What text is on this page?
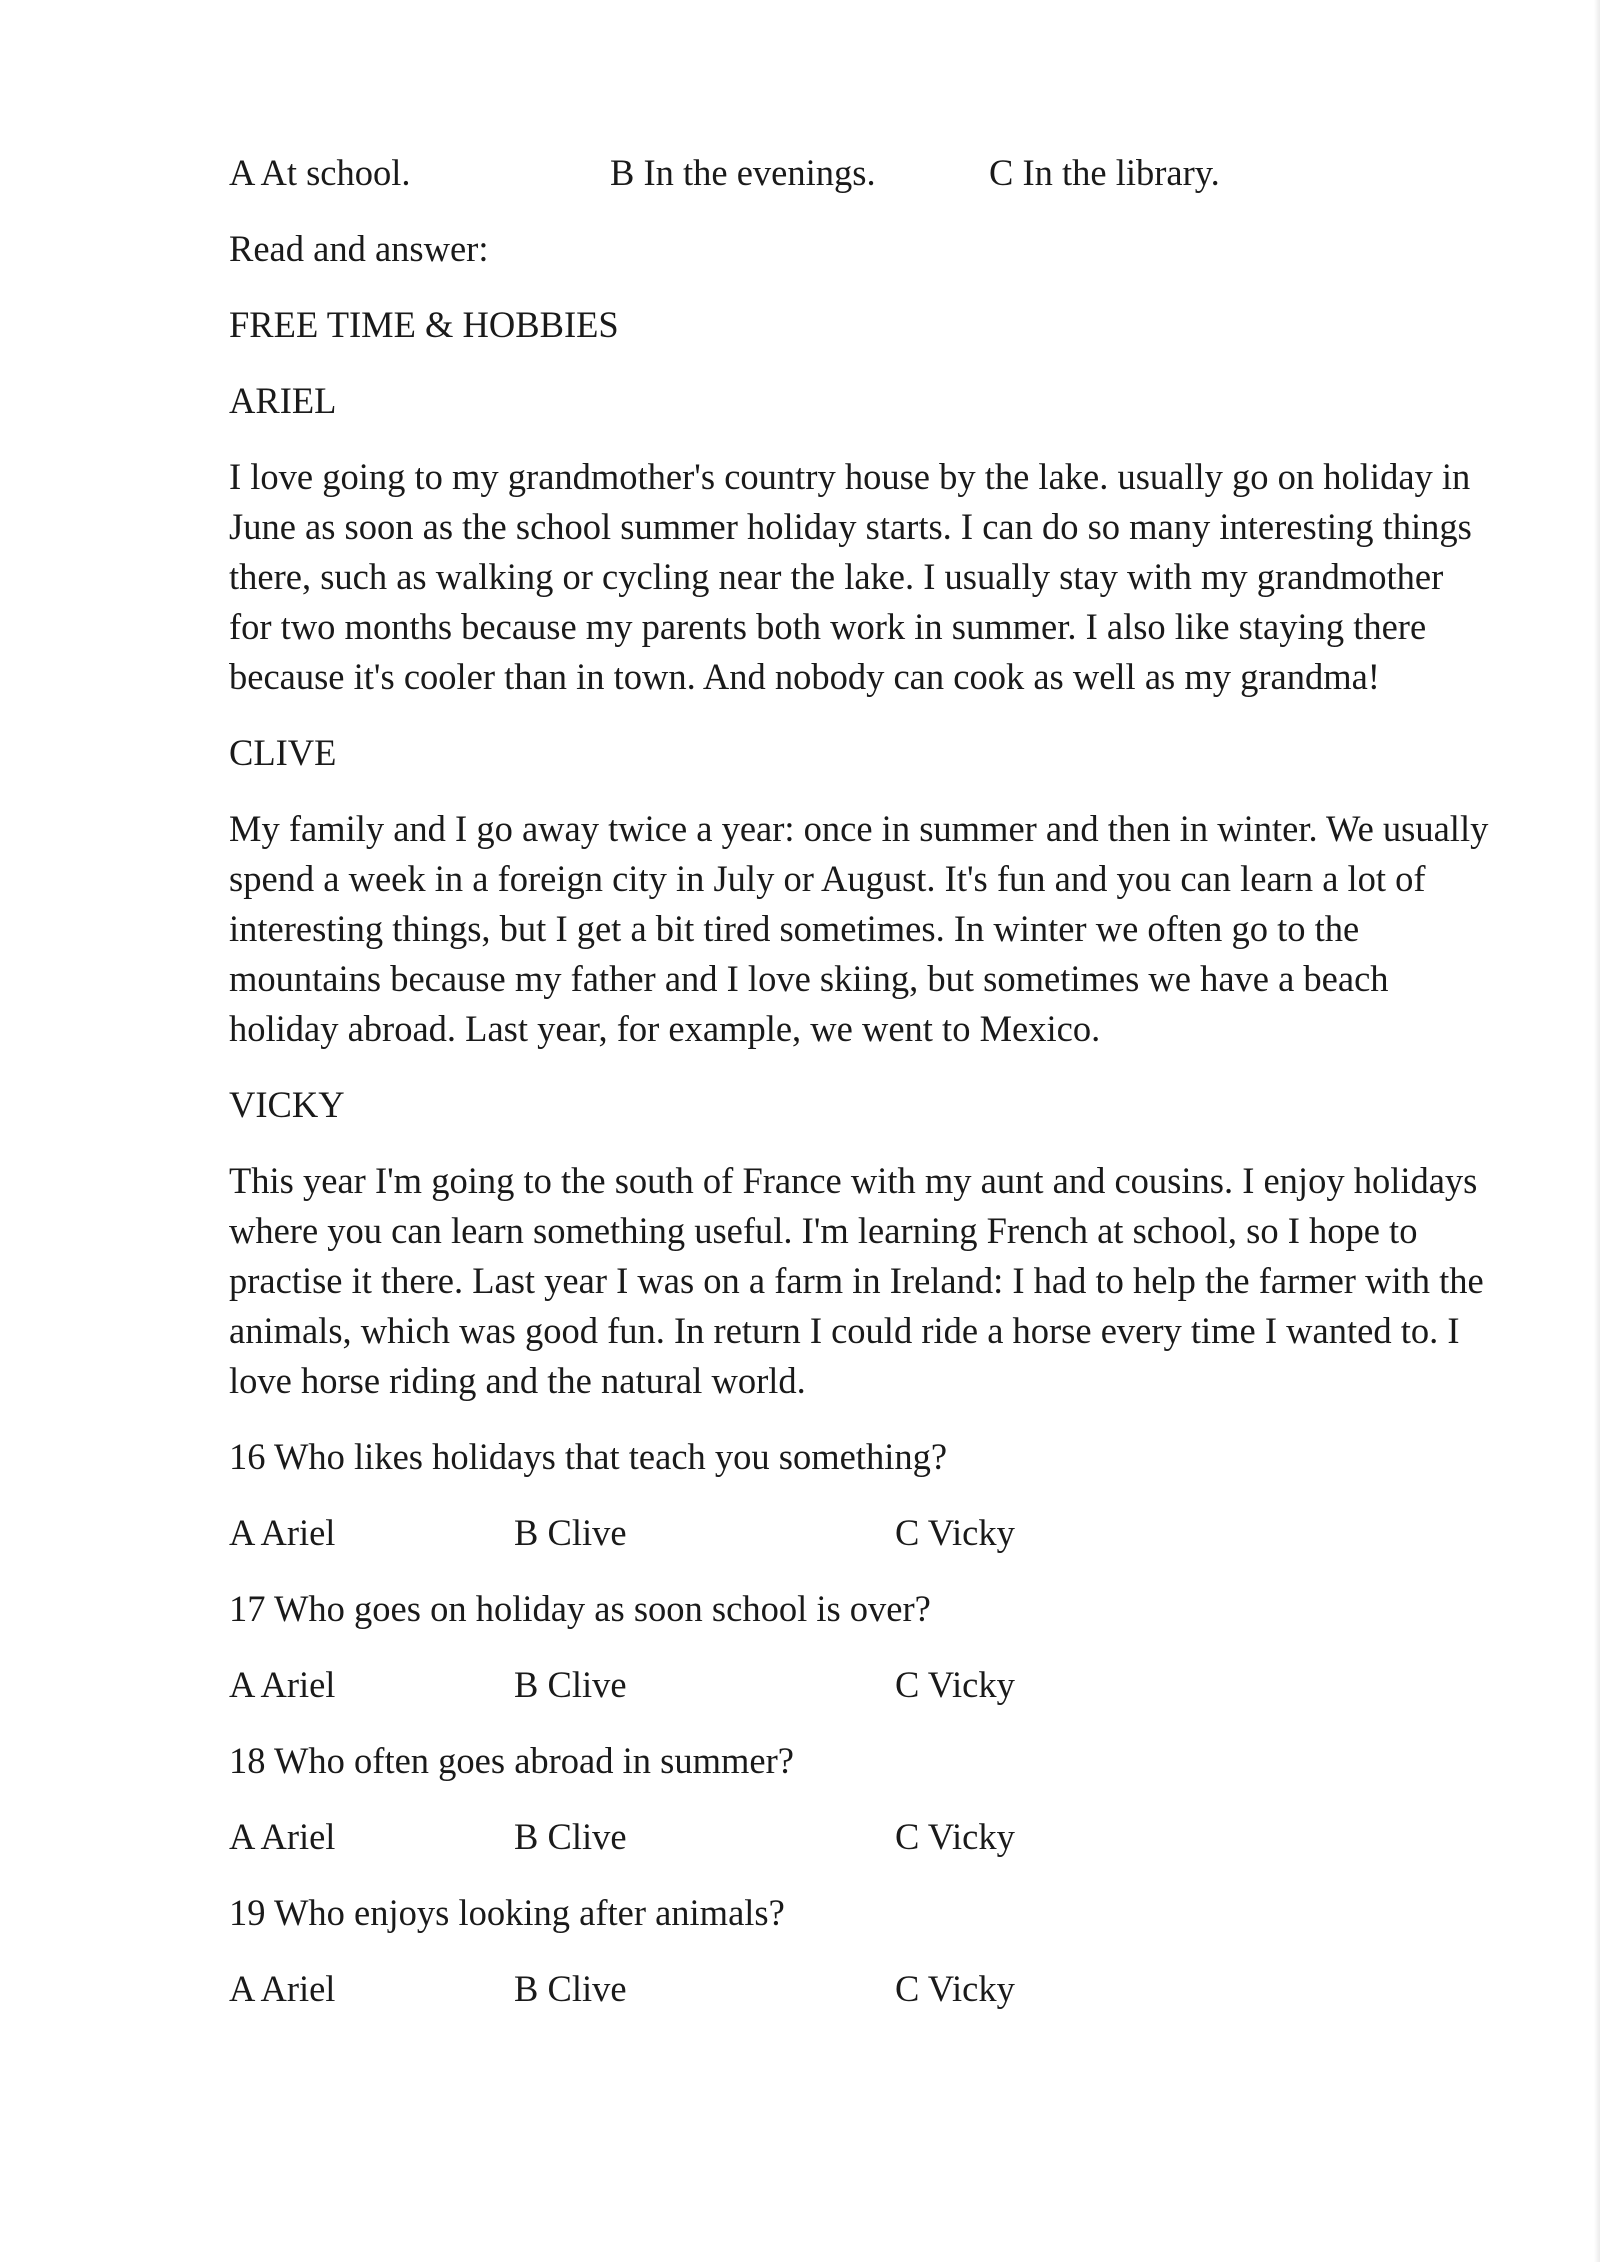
A At school.	B In the evenings.	C In the library.

Read and answer:

FREE TIME & HOBBIES

ARIEL

I love going to my grandmother's country house by the lake. usually go on holiday in June as soon as the school summer holiday starts. I can do so many interesting things there, such as walking or cycling near the lake. I usually stay with my grandmother for two months because my parents both work in summer. I also like staying there because it's cooler than in town. And nobody can cook as well as my grandma!

CLIVE

My family and I go away twice a year: once in summer and then in winter. We usually spend a week in a foreign city in July or August. It's fun and you can learn a lot of interesting things, but I get a bit tired sometimes. In winter we often go to the mountains because my father and I love skiing, but sometimes we have a beach holiday abroad. Last year, for example, we went to Mexico.

VICKY

This year I'm going to the south of France with my aunt and cousins. I enjoy holidays where you can learn something useful. I'm learning French at school, so I hope to practise it there. Last year I was on a farm in Ireland: I had to help the farmer with the animals, which was good fun. In return I could ride a horse every time I wanted to. I love horse riding and the natural world.

16 Who likes holidays that teach you something?

A Ariel	B Clive	C Vicky

17 Who goes on holiday as soon school is over?

A Ariel	B Clive	C Vicky

18 Who often goes abroad in summer?

A Ariel	B Clive	C Vicky

19 Who enjoys looking after animals?

A Ariel	B Clive	C Vicky
